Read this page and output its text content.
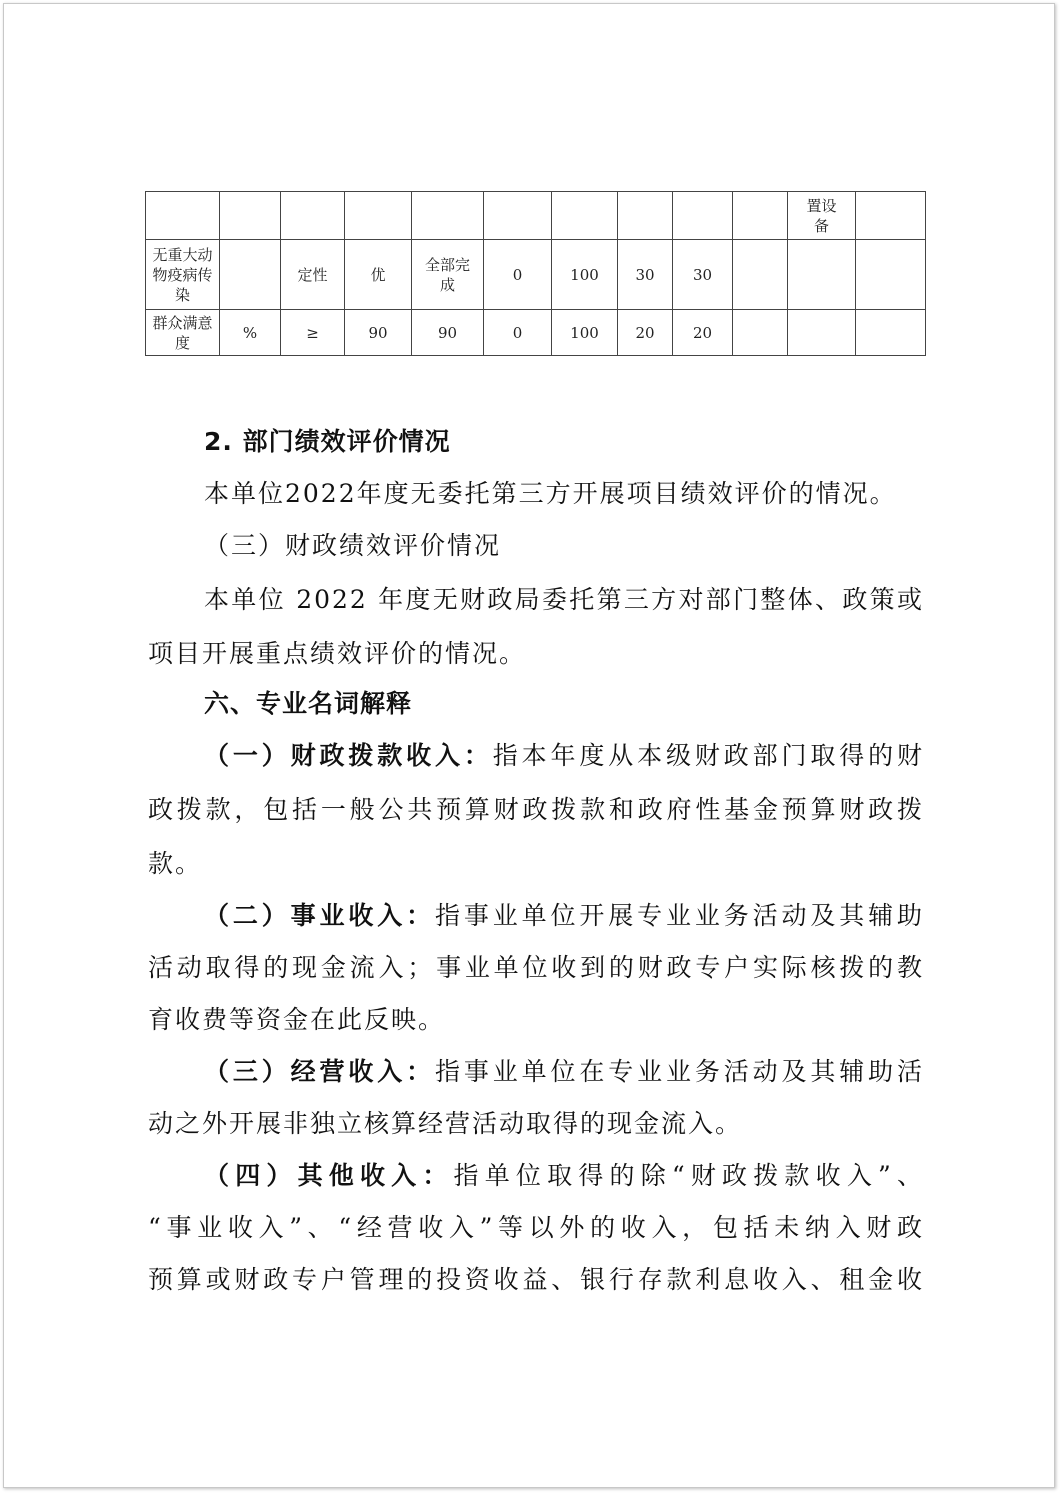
										置设备	
无重大动物疫病传染		定性	优	全部完成	0	100	30	30			
群众满意度	%	≥	90	90	0	100	20	20			

2. 部门绩效评价情况

本单位2022年度无委托第三方开展项目绩效评价的情况。

（三）财政绩效评价情况

本单位 2022 年度无财政局委托第三方对部门整体、政策或

项目开展重点绩效评价的情况。

六、专业名词解释

（一）财政拨款收入：指本年度从本级财政部门取得的财

政拨款，包括一般公共预算财政拨款和政府性基金预算财政拨

款。

（二）事业收入：指事业单位开展专业业务活动及其辅助

活动取得的现金流入；事业单位收到的财政专户实际核拨的教

育收费等资金在此反映。

（三）经营收入：指事业单位在专业业务活动及其辅助活

动之外开展非独立核算经营活动取得的现金流入。

（四）其他收入：指单位取得的除“财政拨款收入”、

“事业收入”、“经营收入”等以外的收入，包括未纳入财政

预算或财政专户管理的投资收益、银行存款利息收入、租金收
